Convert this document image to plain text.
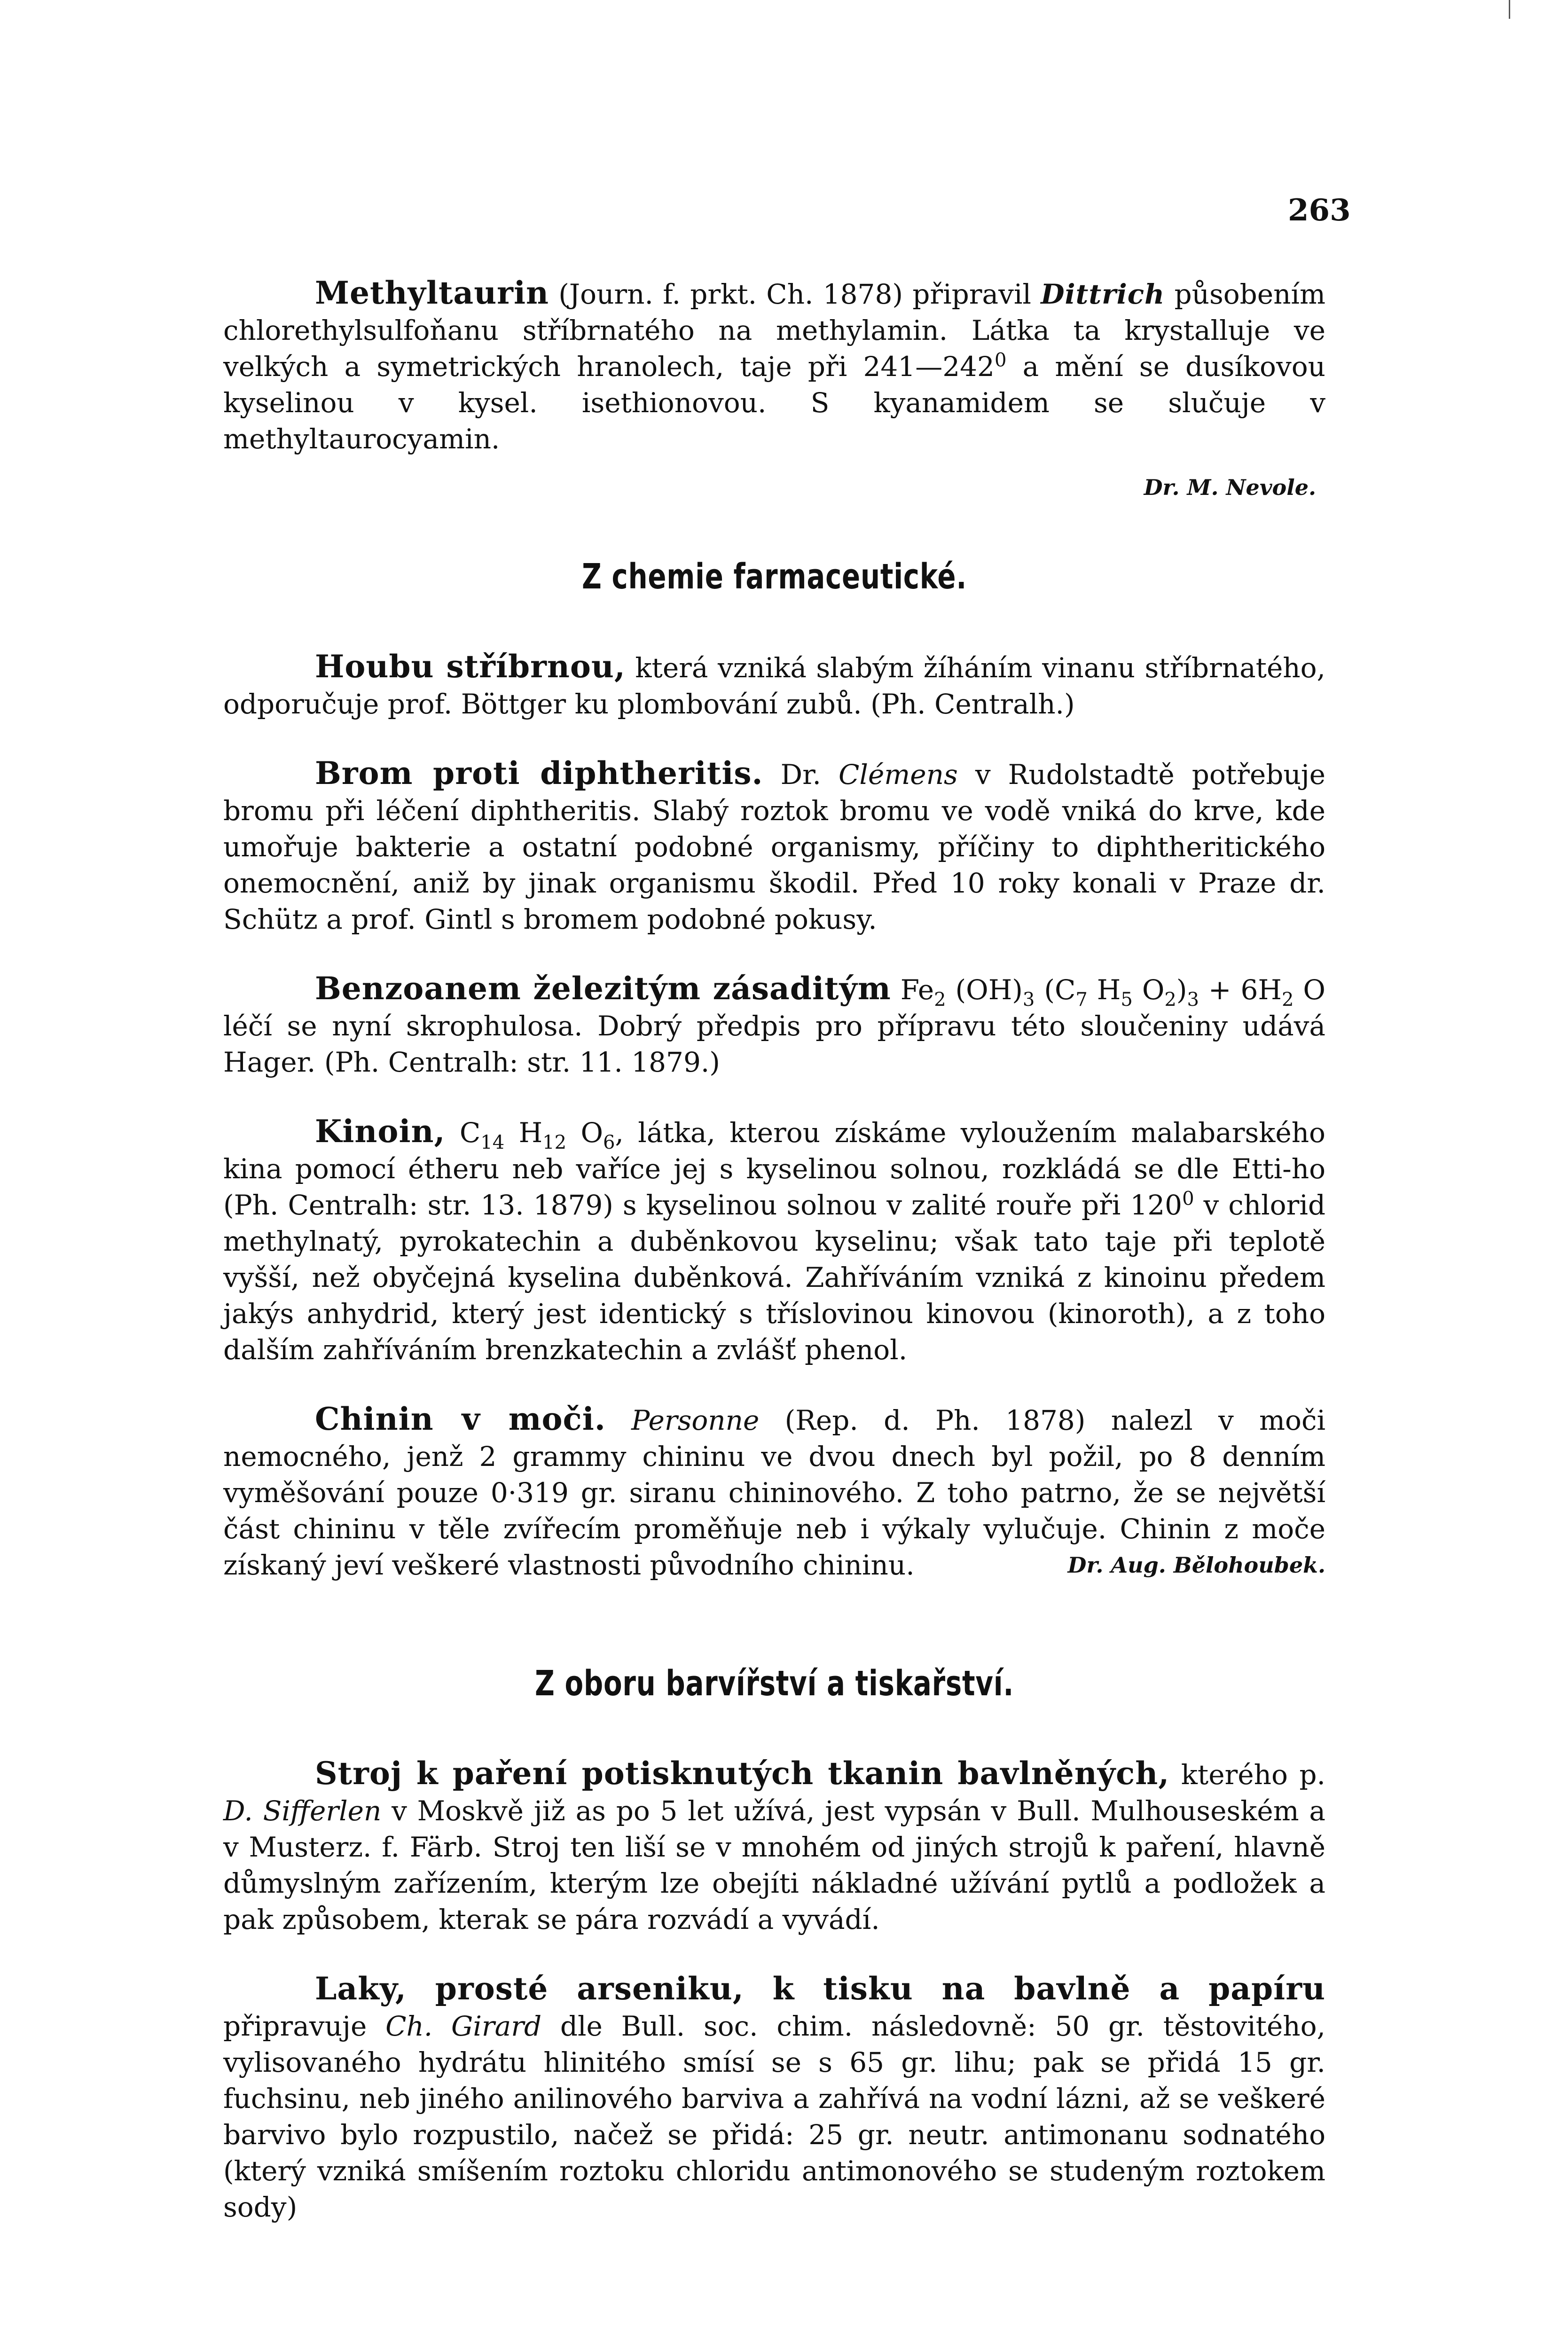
263

Methyltaurin (Journ. f. prkt. Ch. 1878) připravil Dittrich působením chlorethylsulfoňanu stříbrnatého na methylamin. Látka ta krystalluje ve velkých a symetrických hranolech, taje při $241—242^0$ a mění se dusíkovou kyselinou v kysel. isethionovou. S kyanamidem se slučuje v methyltaurocyamin.

Dr. M. Nevole.
Z chemie farmaceutické.

Houbu stříbrnou, která vzniká slabým žíháním vinanu stříbrnatého, odporučuje prof. Böttger ku plombování zubů. (Ph. Centralh.)

Brom proti diphtheritis. Dr. Clémens v Rudolstadtě potřebuje bromu při léčení diphtheritis. Slabý roztok bromu ve vodě vniká do krve, kde umořuje bakterie a ostatní podobné organismy, příčiny to diphtheritického onemocnění, aniž by jinak organismu škodil. Před 10 roky konali v Praze dr. Schütz a prof. Gintl s bromem podobné pokusy.

Benzoanem železitým zásaditým $Fe_2$ $(OH)_3$ ($C_7$ $H_5$ $O_2)_3 + 6H_2$ O léčí se nyní skrophulosa. Dobrý předpis pro přípravu této sloučeniny udává Hager. (Ph. Centralh: str. 11. 1879.)

Kinoin, $C_{14}$ $H_{12}$ $O_6$, látka, kterou získáme vyloužením malabarského kina pomocí étheru neb vaříce jej s kyselinou solnou, rozkládá se dle Etti-ho (Ph. Centralh: str. 13. 1879) s kyselinou solnou v zalité rouře při $120^0$ v chlorid methylnatý, pyrokatechin a duběnkovou kyselinu; však tato taje při teplotě vyšší, než obyčejná kyselina duběnková. Zahříváním vzniká z kinoinu předem jakýs anhydrid, který jest identický s tříslovinou kinovou (kinoroth), a z toho dalším zahříváním brenzkatechin a zvlášť phenol.

Chinin v moči. Personne (Rep. d. Ph. 1878) nalezl v moči nemocného, jenž 2 grammy chininu ve dvou dnech byl požil, po 8 denním vyměšování pouze 0·319 gr. siranu chininového. Z toho patrno, že se největší část chininu v těle zvířecím proměňuje neb i výkaly vylučuje. Chinin z moče získaný jeví veškeré vlastnosti původního chininu.	Dr. Aug. Bělohoubek.

Z oboru barvířství a tiskařství.

Stroj k paření potisknutých tkanin bavlněných, kterého p. D. Sifferlen v Moskvě již as po 5 let užívá, jest vypsán v Bull. Mulhouseském a v Musterz. f. Färb. Stroj ten liší se v mnohém od jiných strojů k paření, hlavně důmyslným zařízením, kterým lze obejíti nákladné užívání pytlů a podložek a pak způsobem, kterak se pára rozvádí a vyvádí.

Laky, prosté arseniku, k tisku na bavlně a papíru připravuje Ch. Girard dle Bull. soc. chim. následovně: 50 gr. těstovitého, vylisovaného hydrátu hlinitého smísí se s 65 gr. lihu; pak se přidá 15 gr. fuchsinu, neb jiného anilinového barviva a zahřívá na vodní lázni, až se veškeré barvivo bylo rozpustilo, načež se přidá: 25 gr. neutr. antimonanu sodnatého (který vzniká smíšením roztoku chloridu antimonového se studeným roztokem sody)
